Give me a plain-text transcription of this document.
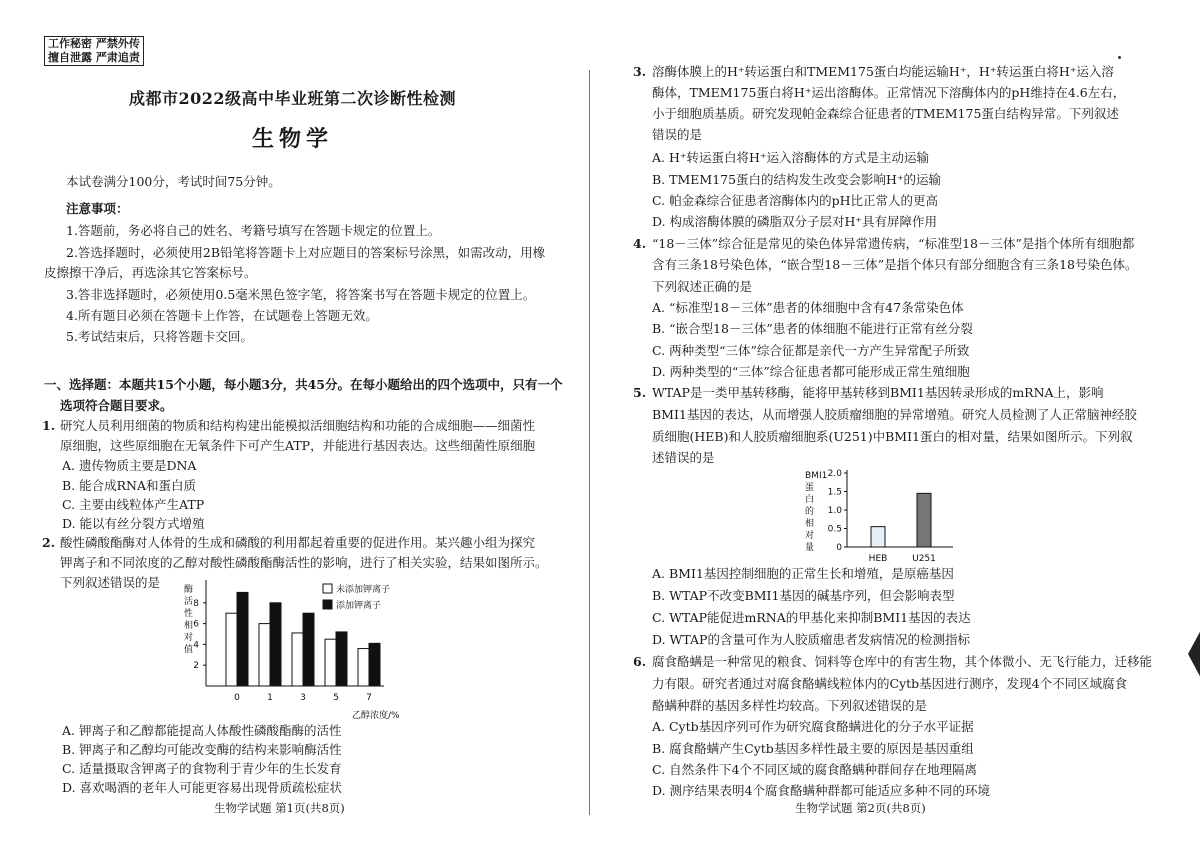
工作秘密 严禁外传
擅自泄露 严肃追责
成都市2022级高中毕业班第二次诊断性检测
生物学
本试卷满分100分，考试时间75分钟。
注意事项：
1.答题前，务必将自己的姓名、考籍号填写在答题卡规定的位置上。
2.答选择题时，必须使用2B铅笔将答题卡上对应题目的答案标号涂黑，如需改动，用橡
皮擦擦干净后，再选涂其它答案标号。
3.答非选择题时，必须使用0.5毫米黑色签字笔，将答案书写在答题卡规定的位置上。
4.所有题目必须在答题卡上作答，在试题卷上答题无效。
5.考试结束后，只将答题卡交回。
一、选择题：本题共15个小题，每小题3分，共45分。在每小题给出的四个选项中，只有一个
选项符合题目要求。
1. 研究人员利用细菌的物质和结构构建出能模拟活细胞结构和功能的合成细胞——细菌性
原细胞，这些原细胞在无氧条件下可产生ATP，并能进行基因表达。这些细菌性原细胞
A. 遗传物质主要是DNA
B. 能合成RNA和蛋白质
C. 主要由线粒体产生ATP
D. 能以有丝分裂方式增殖
2. 酸性磷酸酯酶对人体骨的生成和磷酸的利用都起着重要的促进作用。某兴趣小组为探究
钾离子和不同浓度的乙醇对酸性磷酸酯酶活性的影响，进行了相关实验，结果如图所示。
下列叙述错误的是	酶
活
性
相
对
值
2
4
6
8
0	1	3	5	7
未添加钾离子
添加钾离子
乙醇浓度/%
A. 钾离子和乙醇都能提高人体酸性磷酸酯酶的活性
B. 钾离子和乙醇均可能改变酶的结构来影响酶活性
C. 适量摄取含钾离子的食物利于青少年的生长发育
D. 喜欢喝酒的老年人可能更容易出现骨质疏松症状
生物学试题 第1页(共8页)
3. 溶酶体膜上的H⁺转运蛋白和TMEM175蛋白均能运输H⁺，H⁺转运蛋白将H⁺运入溶
酶体，TMEM175蛋白将H⁺运出溶酶体。正常情况下溶酶体内的pH维持在4.6左右，
小于细胞质基质。研究发现帕金森综合征患者的TMEM175蛋白结构异常。下列叙述
错误的是
A. H⁺转运蛋白将H⁺运入溶酶体的方式是主动运输
B. TMEM175蛋白的结构发生改变会影响H⁺的运输
C. 帕金森综合征患者溶酶体内的pH比正常人的更高
D. 构成溶酶体膜的磷脂双分子层对H⁺具有屏障作用
4. “18－三体”综合征是常见的染色体异常遗传病，“标准型18－三体”是指个体所有细胞都
含有三条18号染色体，“嵌合型18－三体”是指个体只有部分细胞含有三条18号染色体。
下列叙述正确的是
A. “标准型18－三体”患者的体细胞中含有47条常染色体
B. “嵌合型18－三体”患者的体细胞不能进行正常有丝分裂
C. 两种类型“三体”综合征都是亲代一方产生异常配子所致
D. 两种类型的“三体”综合征患者都可能形成正常生殖细胞
5. WTAP是一类甲基转移酶，能将甲基转移到BMI1基因转录形成的mRNA上，影响
BMI1基因的表达，从而增强人胶质瘤细胞的异常增殖。研究人员检测了人正常脑神经胶
质细胞(HEB)和人胶质瘤细胞系(U251)中BMI1蛋白的相对量，结果如图所示。下列叙
述错误的是
BMI1
蛋
白
的
相
对
量 0
0.5
1.0
1.5
2.0
HEB	U251
A. BMI1基因控制细胞的正常生长和增殖，是原癌基因
B. WTAP不改变BMI1基因的碱基序列，但会影响表型
C. WTAP能促进mRNA的甲基化来抑制BMI1基因的表达
D. WTAP的含量可作为人胶质瘤患者发病情况的检测指标
6. 腐食酪螨是一种常见的粮食、饲料等仓库中的有害生物，其个体微小、无飞行能力，迁移能
力有限。研究者通过对腐食酪螨线粒体内的Cytb基因进行测序，发现4个不同区域腐食
酪螨种群的基因多样性均较高。下列叙述错误的是
A. Cytb基因序列可作为研究腐食酪螨进化的分子水平证据
B. 腐食酪螨产生Cytb基因多样性最主要的原因是基因重组
C. 自然条件下4个不同区域的腐食酪螨种群间存在地理隔离
D. 测序结果表明4个腐食酪螨种群都可能适应多种不同的环境
生物学试题 第2页(共8页)
